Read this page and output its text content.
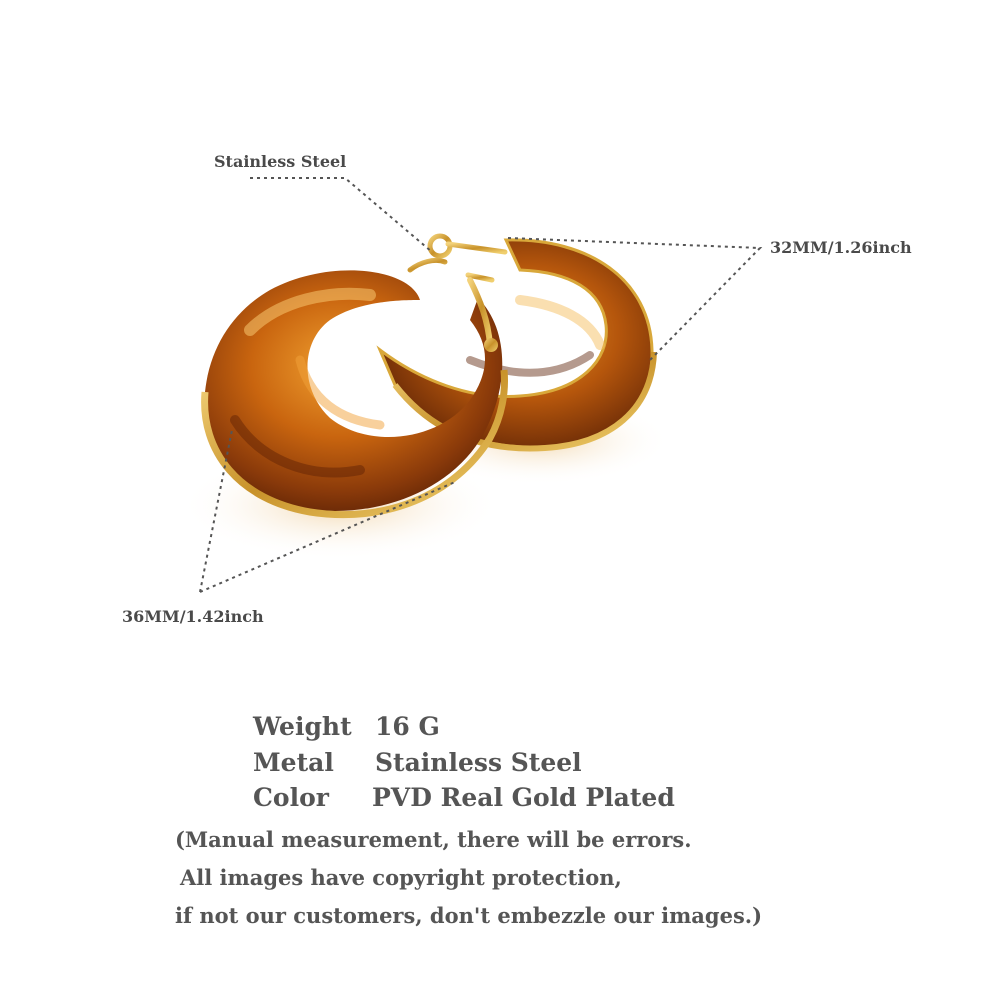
Stainless Steel
32MM/1.26inch
36MM/1.42inch
Weight 16 G
Metal Stainless Steel
Color PVD Real Gold Plated
(Manual measurement, there will be errors.
All images have copyright protection,
if not our customers, don't embezzle our images.)
